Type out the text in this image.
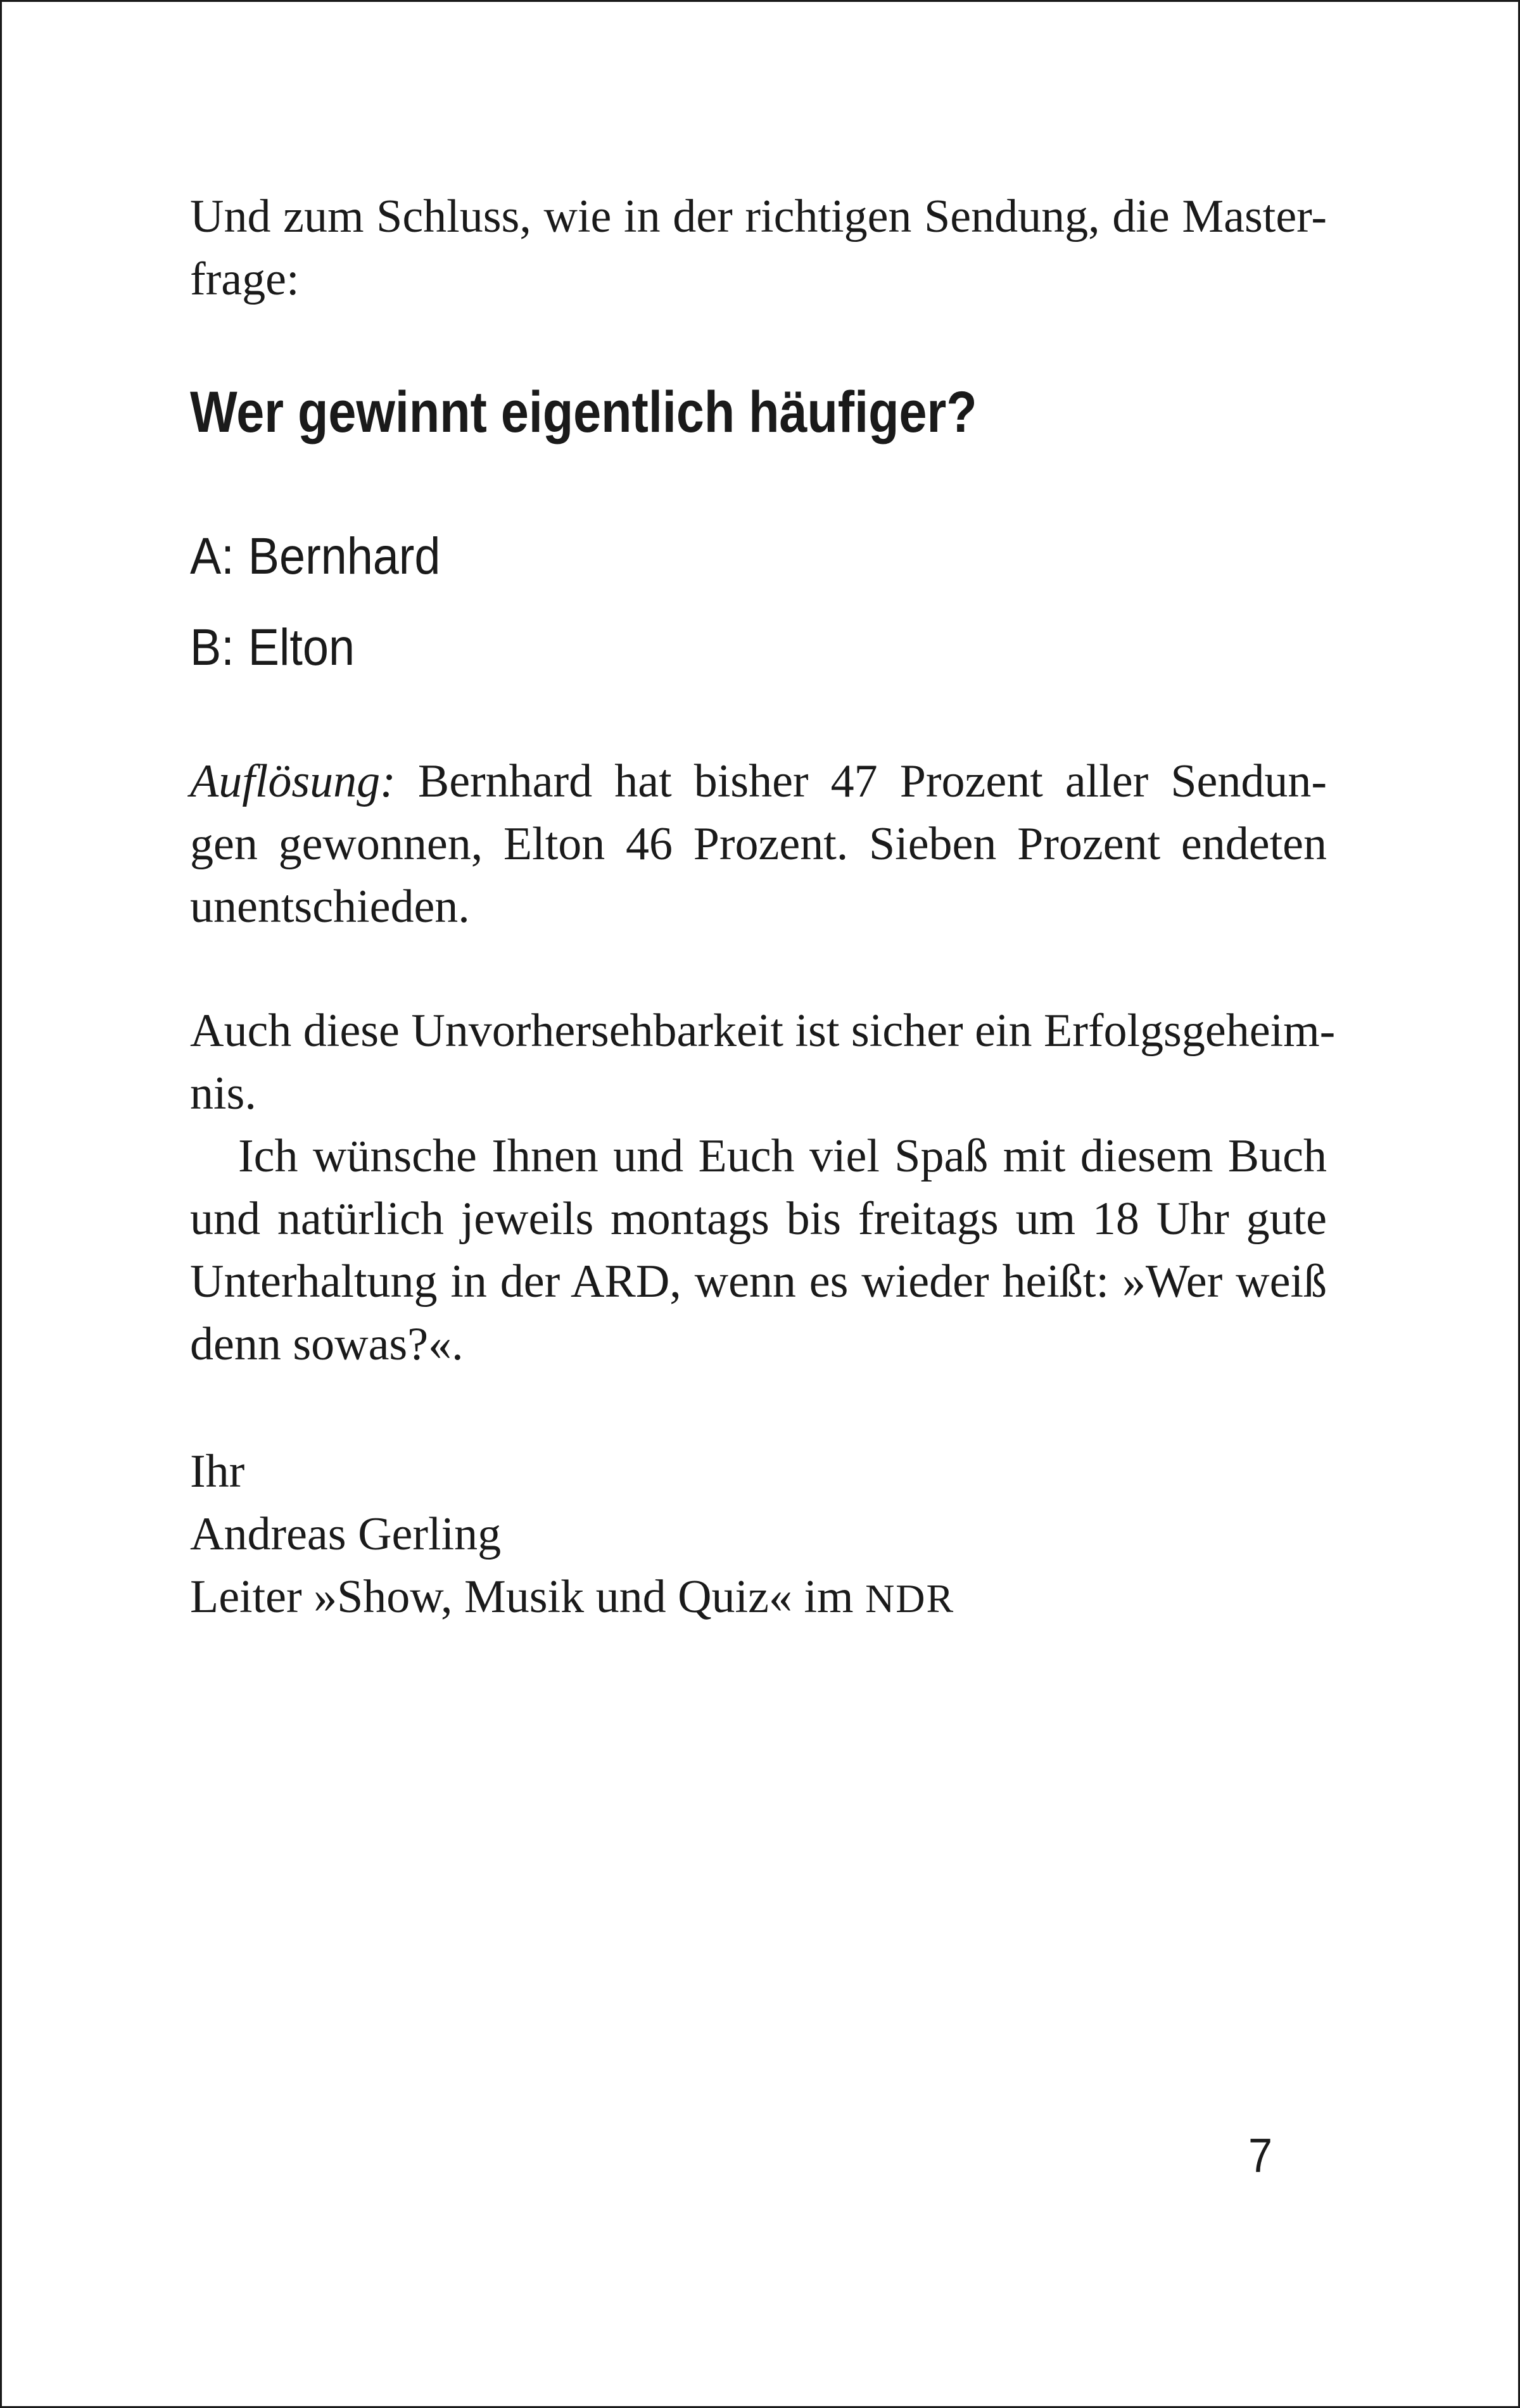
Und zum Schluss, wie in der richtigen Sendung, die Master-
frage:

Wer gewinnt eigentlich häufiger?
A: Bernhard
B: Elton

Auflösung: Bernhard hat bisher 47 Prozent aller Sendun-
gen gewonnen, Elton 46 Prozent. Sieben Prozent endeten
unentschieden.

Auch diese Unvorhersehbarkeit ist sicher ein Erfolgsgeheim-
nis.
Ich wünsche Ihnen und Euch viel Spaß mit diesem Buch
und natürlich jeweils montags bis freitags um 18 Uhr gute
Unterhaltung in der ARD, wenn es wieder heißt: »Wer weiß
denn sowas?«.

Ihr
Andreas Gerling
Leiter »Show, Musik und Quiz« im NDR

7
